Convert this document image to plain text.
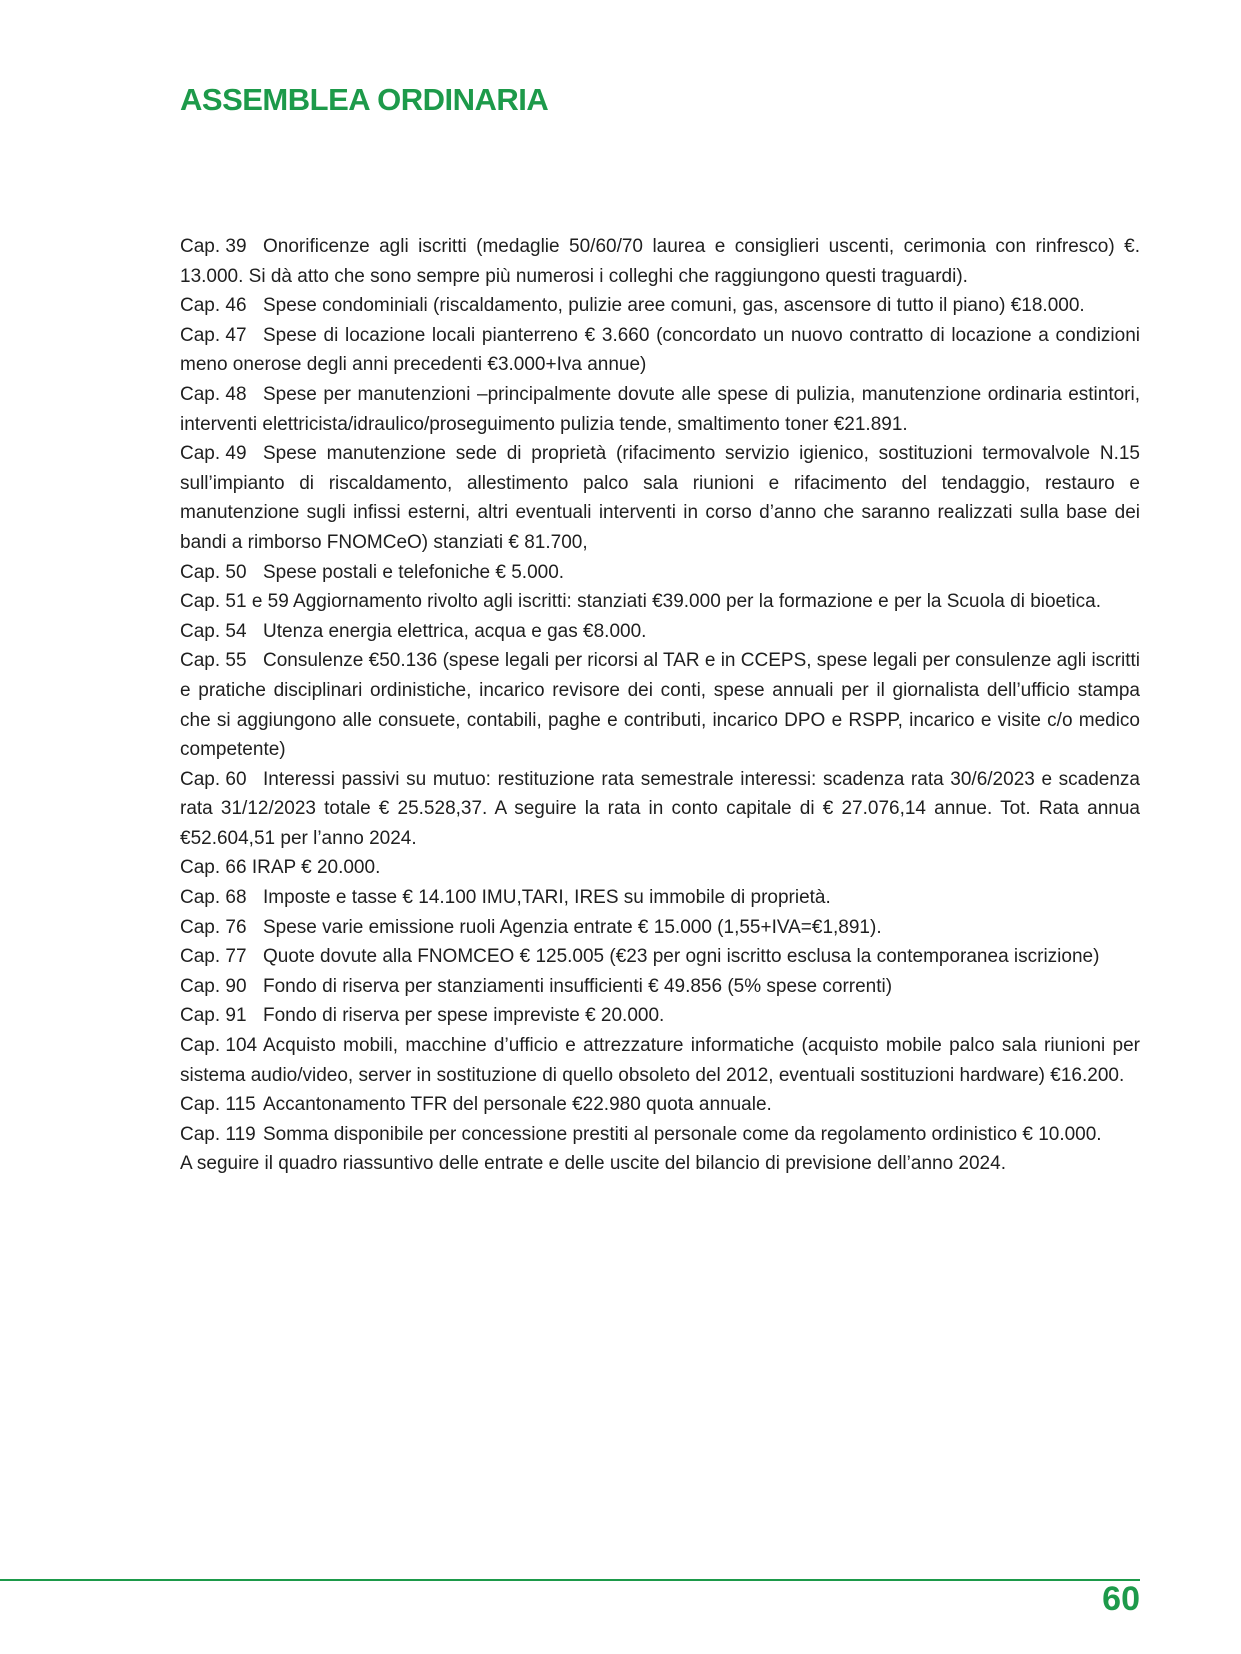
ASSEMBLEA ORDINARIA

Cap. 39 Onorificenze agli iscritti (medaglie 50/60/70 laurea e consiglieri uscenti, cerimonia con rinfresco) €. 13.000. Si dà atto che sono sempre più numerosi i colleghi che raggiungono questi traguardi).

Cap. 46 Spese condominiali (riscaldamento, pulizie aree comuni, gas, ascensore di tutto il piano) €18.000.

Cap. 47 Spese di locazione locali pianterreno € 3.660 (concordato un nuovo contratto di locazione a condizioni meno onerose degli anni precedenti €3.000+Iva annue)

Cap. 48 Spese per manutenzioni –principalmente dovute alle spese di pulizia, manutenzione ordinaria estintori, interventi elettricista/idraulico/proseguimento pulizia tende, smaltimento toner €21.891.

Cap. 49 Spese manutenzione sede di proprietà (rifacimento servizio igienico, sostituzioni termovalvole N.15 sull’impianto di riscaldamento, allestimento palco sala riunioni e rifacimento del tendaggio, restauro e manutenzione sugli infissi esterni, altri eventuali interventi in corso d’anno che saranno realizzati sulla base dei bandi a rimborso FNOMCeO) stanziati € 81.700,

Cap. 50 Spese postali e telefoniche € 5.000.

Cap. 51 e 59 Aggiornamento rivolto agli iscritti: stanziati €39.000 per la formazione e per la Scuola di bioetica.

Cap. 54 Utenza energia elettrica, acqua e gas €8.000.

Cap. 55 Consulenze €50.136 (spese legali per ricorsi al TAR e in CCEPS, spese legali per consulenze agli iscritti e pratiche disciplinari ordinistiche, incarico revisore dei conti, spese annuali per il giornalista dell’ufficio stampa che si aggiungono alle consuete, contabili, paghe e contributi, incarico DPO e RSPP, incarico e visite c/o medico competente)

Cap. 60 Interessi passivi su mutuo: restituzione rata semestrale interessi: scadenza rata 30/6/2023 e scadenza rata 31/12/2023 totale € 25.528,37. A seguire la rata in conto capitale di € 27.076,14 annue. Tot. Rata annua €52.604,51 per l’anno 2024.

Cap. 66 IRAP € 20.000.

Cap. 68 Imposte e tasse € 14.100 IMU,TARI, IRES su immobile di proprietà.

Cap. 76 Spese varie emissione ruoli Agenzia entrate € 15.000 (1,55+IVA=€1,891).

Cap. 77 Quote dovute alla FNOMCEO € 125.005 (€23 per ogni iscritto esclusa la contemporanea iscrizione)

Cap. 90 Fondo di riserva per stanziamenti insufficienti € 49.856 (5% spese correnti)

Cap. 91 Fondo di riserva per spese impreviste € 20.000.

Cap. 104 Acquisto mobili, macchine d’ufficio e attrezzature informatiche (acquisto mobile palco sala riunioni per sistema audio/video, server in sostituzione di quello obsoleto del 2012, eventuali sostituzioni hardware) €16.200.

Cap. 115 Accantonamento TFR del personale €22.980 quota annuale.

Cap. 119 Somma disponibile per concessione prestiti al personale come da regolamento ordinistico € 10.000.

A seguire il quadro riassuntivo delle entrate e delle uscite del bilancio di previsione dell’anno 2024.

60
